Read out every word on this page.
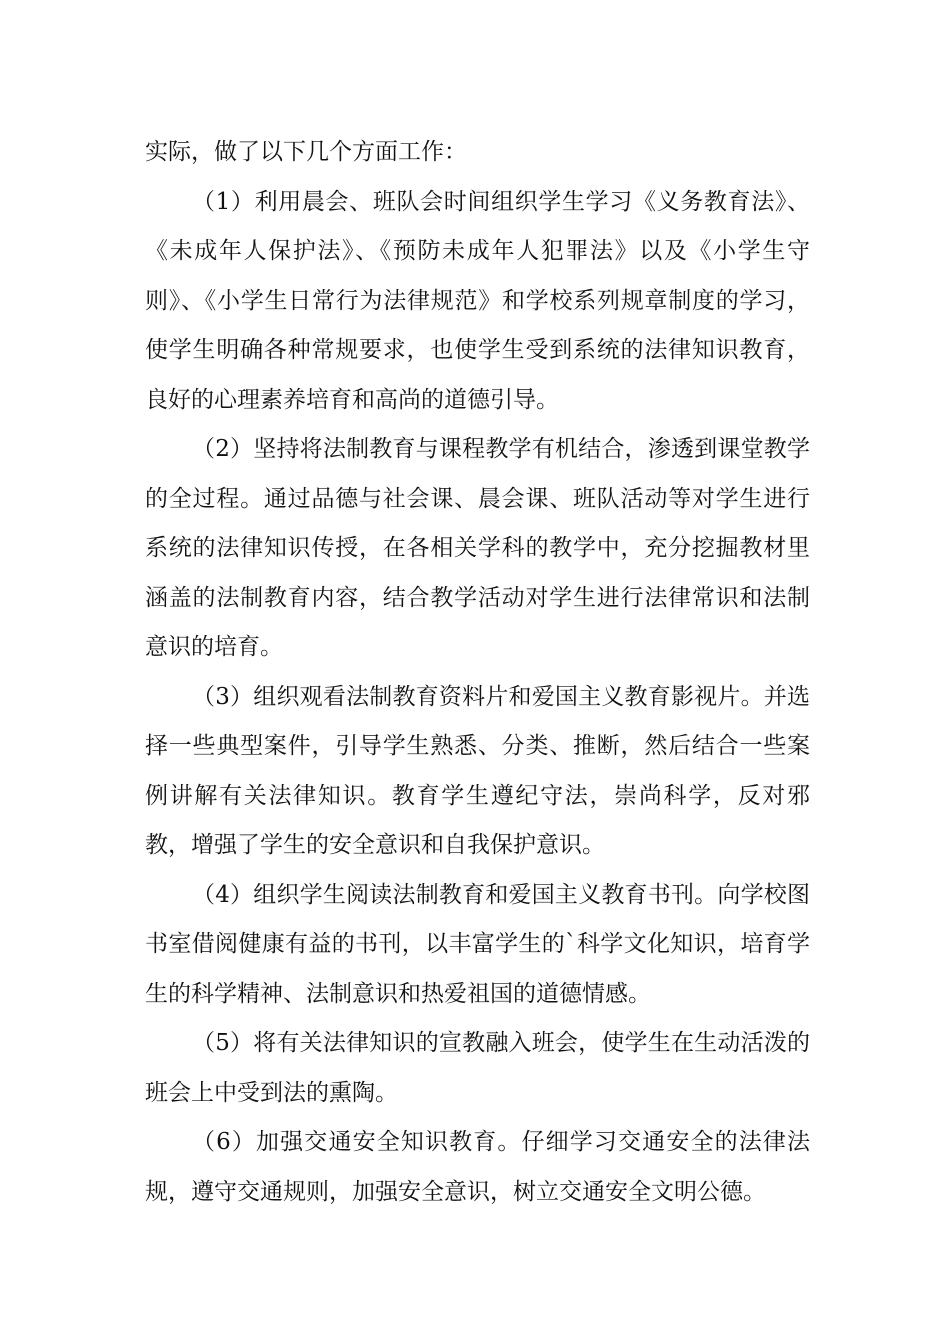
实际，做了以下几个方面工作：

（1）利用晨会、班队会时间组织学生学习《义务教育法》、《未成年人保护法》、《预防未成年人犯罪法》以及《小学生守则》、《小学生日常行为法律规范》和学校系列规章制度的学习，使学生明确各种常规要求，也使学生受到系统的法律知识教育，良好的心理素养培育和高尚的道德引导。

（2）坚持将法制教育与课程教学有机结合，渗透到课堂教学的全过程。通过品德与社会课、晨会课、班队活动等对学生进行系统的法律知识传授，在各相关学科的教学中，充分挖掘教材里涵盖的法制教育内容，结合教学活动对学生进行法律常识和法制意识的培育。

（3）组织观看法制教育资料片和爱国主义教育影视片。并选择一些典型案件，引导学生熟悉、分类、推断，然后结合一些案例讲解有关法律知识。教育学生遵纪守法，崇尚科学，反对邪教，增强了学生的安全意识和自我保护意识。

（4）组织学生阅读法制教育和爱国主义教育书刊。向学校图书室借阅健康有益的书刊，以丰富学生的`科学文化知识，培育学生的科学精神、法制意识和热爱祖国的道德情感。

（5）将有关法律知识的宣教融入班会，使学生在生动活泼的班会上中受到法的熏陶。

（6）加强交通安全知识教育。仔细学习交通安全的法律法规，遵守交通规则，加强安全意识，树立交通安全文明公德。
